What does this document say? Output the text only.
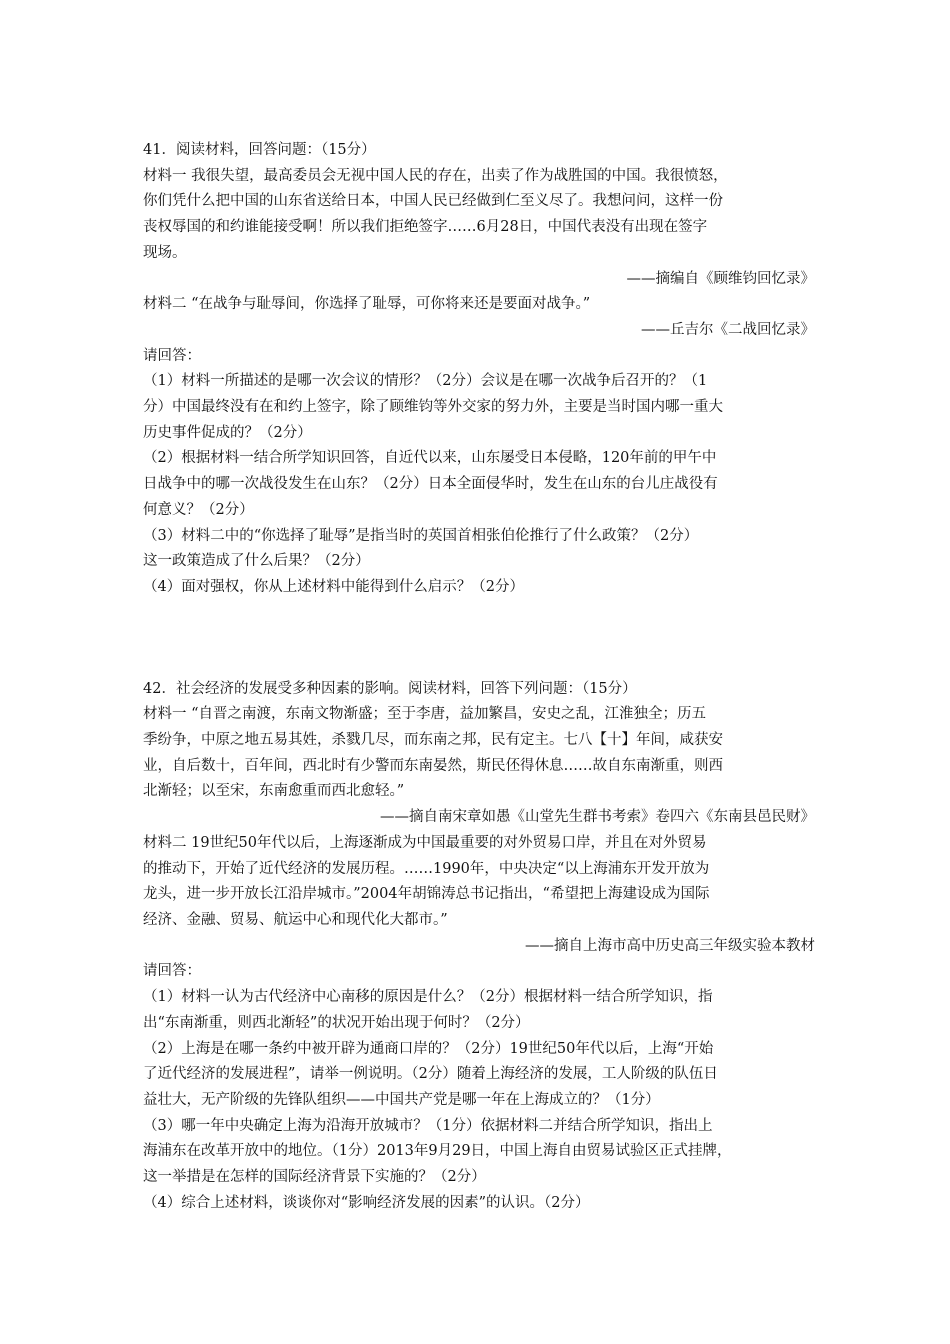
41．阅读材料，回答问题：（15分）
材料一 我很失望，最高委员会无视中国人民的存在，出卖了作为战胜国的中国。我很愤怒，
你们凭什么把中国的山东省送给日本，中国人民已经做到仁至义尽了。我想问问，这样一份
丧权辱国的和约谁能接受啊！所以我们拒绝签字……6月28日，中国代表没有出现在签字
现场。
——摘编自《顾维钧回忆录》
材料二 “在战争与耻辱间，你选择了耻辱，可你将来还是要面对战争。”
——丘吉尔《二战回忆录》
请回答：
（1）材料一所描述的是哪一次会议的情形？（2分）会议是在哪一次战争后召开的？（1
分）中国最终没有在和约上签字，除了顾维钧等外交家的努力外，主要是当时国内哪一重大
历史事件促成的？（2分）
（2）根据材料一结合所学知识回答，自近代以来，山东屡受日本侵略，120年前的甲午中
日战争中的哪一次战役发生在山东？（2分）日本全面侵华时，发生在山东的台儿庄战役有
何意义？（2分）
（3）材料二中的“你选择了耻辱”是指当时的英国首相张伯伦推行了什么政策？（2分）
这一政策造成了什么后果？（2分）
（4）面对强权，你从上述材料中能得到什么启示？（2分）
42．社会经济的发展受多种因素的影响。阅读材料，回答下列问题：（15分）
材料一 “自晋之南渡，东南文物渐盛；至于李唐，益加繁昌，安史之乱，江淮独全；历五
季纷争，中原之地五易其姓，杀戮几尽，而东南之邦，民有定主。七八【十】年间，咸获安
业，自后数十，百年间，西北时有少警而东南晏然，斯民伾得休息……故自东南渐重，则西
北渐轻；以至宋，东南愈重而西北愈轻。”
——摘自南宋章如愚《山堂先生群书考索》卷四六《东南县邑民财》
材料二 19世纪50年代以后，上海逐渐成为中国最重要的对外贸易口岸，并且在对外贸易
的推动下，开始了近代经济的发展历程。……1990年，中央决定“以上海浦东开发开放为
龙头，进一步开放长江沿岸城市。”2004年胡锦涛总书记指出，“希望把上海建设成为国际
经济、金融、贸易、航运中心和现代化大都市。”
——摘自上海市高中历史高三年级实验本教材
请回答：
（1）材料一认为古代经济中心南移的原因是什么？（2分）根据材料一结合所学知识，指
出“东南渐重，则西北渐轻”的状况开始出现于何时？（2分）
（2）上海是在哪一条约中被开辟为通商口岸的？（2分）19世纪50年代以后，上海“开始
了近代经济的发展进程”，请举一例说明。（2分）随着上海经济的发展，工人阶级的队伍日
益壮大，无产阶级的先锋队组织——中国共产党是哪一年在上海成立的？（1分）
（3）哪一年中央确定上海为沿海开放城市？（1分）依据材料二并结合所学知识，指出上
海浦东在改革开放中的地位。（1分）2013年9月29日，中国上海自由贸易试验区正式挂牌，
这一举措是在怎样的国际经济背景下实施的？（2分）
（4）综合上述材料，谈谈你对“影响经济发展的因素”的认识。（2分）
